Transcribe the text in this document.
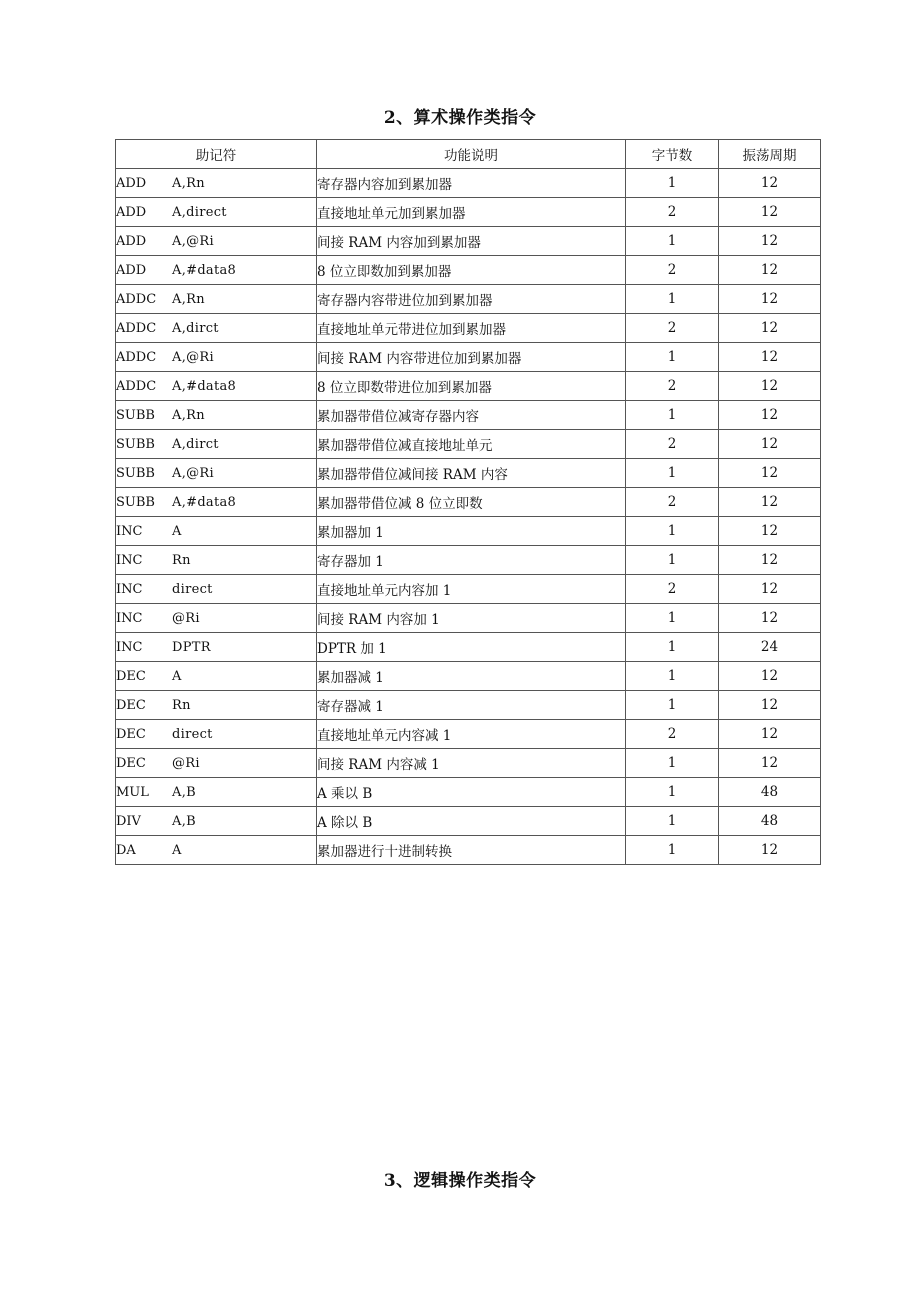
2、算术操作类指令
助记符	功能说明	字节数	振荡周期
ADD A,Rn	寄存器内容加到累加器	1	12
ADD A,direct	直接地址单元加到累加器	2	12
ADD A,@Ri	间接 RAM 内容加到累加器	1	12
ADD A,#data8	8 位立即数加到累加器	2	12
ADDC A,Rn	寄存器内容带进位加到累加器	1	12
ADDC A,dirct	直接地址单元带进位加到累加器	2	12
ADDC A,@Ri	间接 RAM 内容带进位加到累加器	1	12
ADDC A,#data8	8 位立即数带进位加到累加器	2	12
SUBB A,Rn	累加器带借位减寄存器内容	1	12
SUBB A,dirct	累加器带借位减直接地址单元	2	12
SUBB A,@Ri	累加器带借位减间接 RAM 内容	1	12
SUBB A,#data8	累加器带借位减 8 位立即数	2	12
INC A	累加器加 1	1	12
INC Rn	寄存器加 1	1	12
INC direct	直接地址单元内容加 1	2	12
INC @Ri	间接 RAM 内容加 1	1	12
INC DPTR	DPTR 加 1	1	24
DEC A	累加器减 1	1	12
DEC Rn	寄存器减 1	1	12
DEC direct	直接地址单元内容减 1	2	12
DEC @Ri	间接 RAM 内容减 1	1	12
MUL A,B	A 乘以 B	1	48
DIV A,B	A 除以 B	1	48
DA A	累加器进行十进制转换	1	12
3、逻辑操作类指令
